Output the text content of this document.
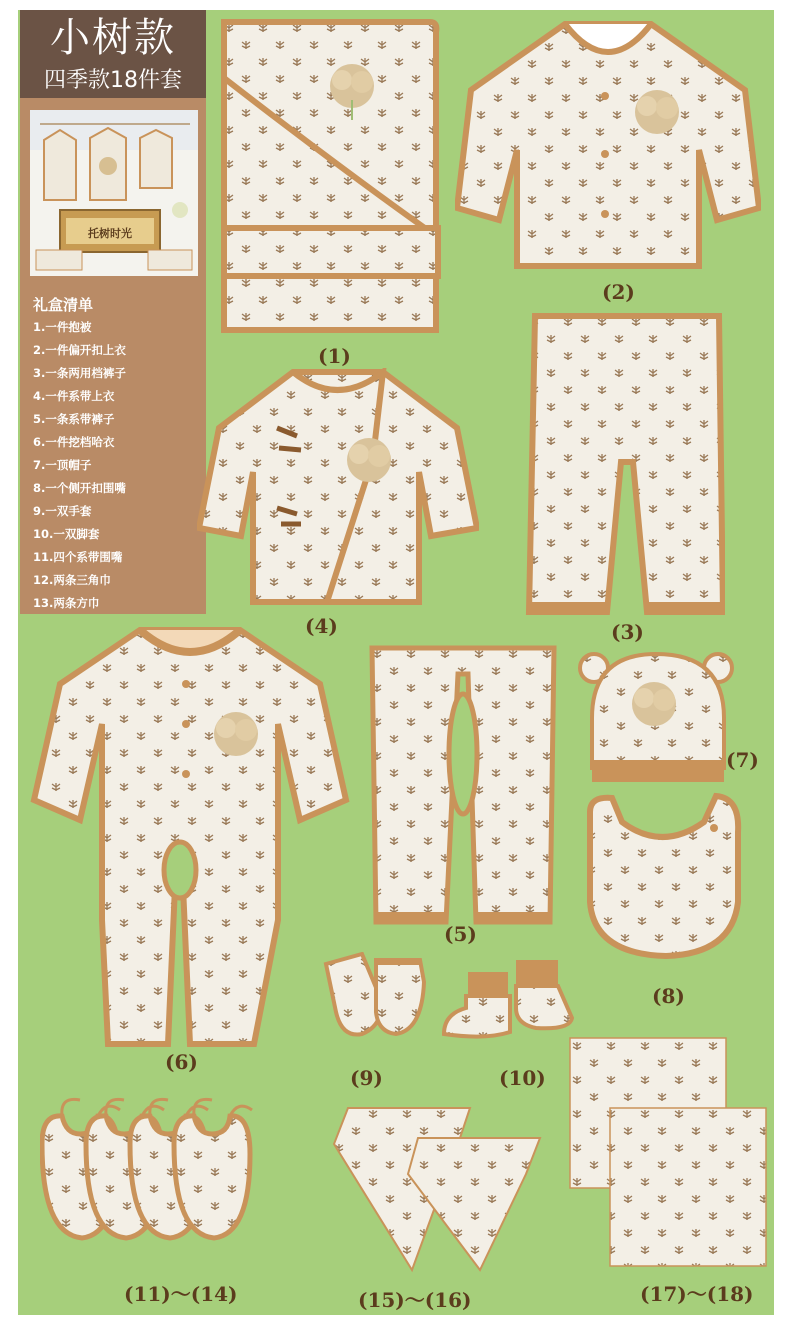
小树款
四季款18件套
托树时光
礼盒清单
1.一件抱被
2.一件偏开扣上衣
3.一条两用档裤子
4.一件系带上衣
5.一条系带裤子
6.一件挖档哈衣
7.一顶帽子
8.一个侧开扣围嘴
9.一双手套
10.一双脚套
11.四个系带围嘴
12.两条三角巾
13.两条方巾
(1)
(2)
(4)	(3)
(6)
(5)
(7)
(8)
(9)	(10)
(11)～(14)	(15)～(16)	(17)～(18)
